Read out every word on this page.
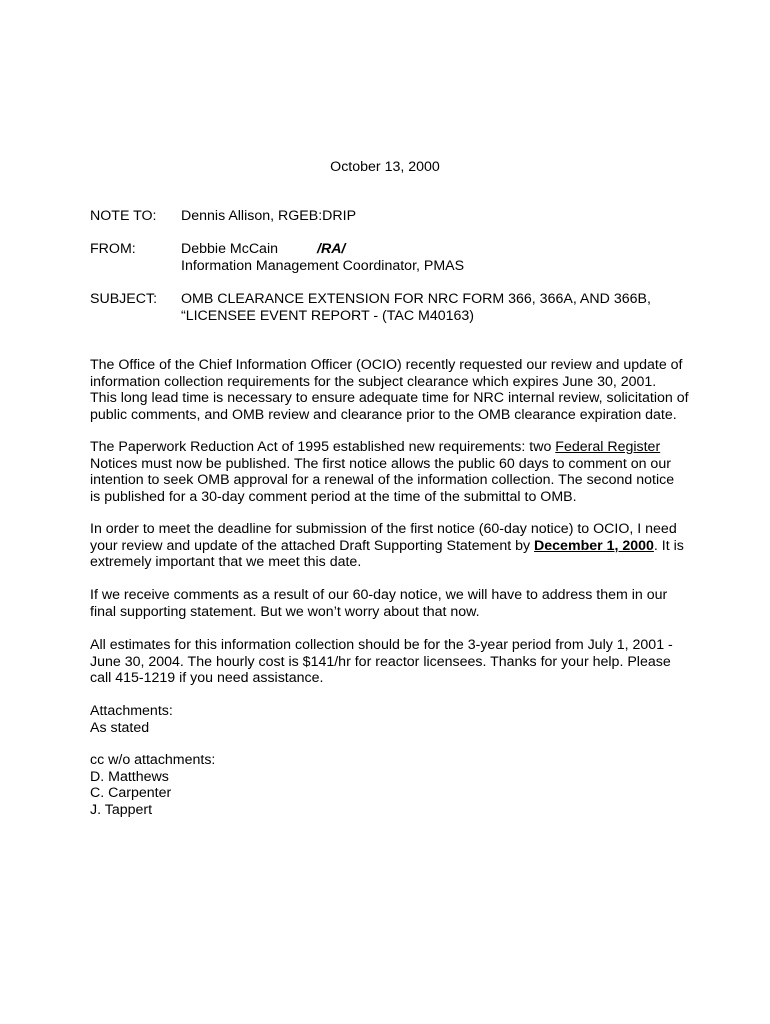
October 13, 2000
NOTE TO: Dennis Allison, RGEB:DRIP
FROM:	Debbie McCain	/RA/
Information Management Coordinator, PMAS
SUBJECT: OMB CLEARANCE EXTENSION FOR NRC FORM 366, 366A, AND 366B,
“LICENSEE EVENT REPORT - (TAC M40163)
The Office of the Chief Information Officer (OCIO) recently requested our review and update of
information collection requirements for the subject clearance which expires June 30, 2001.
This long lead time is necessary to ensure adequate time for NRC internal review, solicitation of
public comments, and OMB review and clearance prior to the OMB clearance expiration date.
The Paperwork Reduction Act of 1995 established new requirements: two Federal Register
Notices must now be published. The first notice allows the public 60 days to comment on our
intention to seek OMB approval for a renewal of the information collection. The second notice
is published for a 30-day comment period at the time of the submittal to OMB.
In order to meet the deadline for submission of the first notice (60-day notice) to OCIO, I need
your review and update of the attached Draft Supporting Statement by December 1, 2000. It is
extremely important that we meet this date.
If we receive comments as a result of our 60-day notice, we will have to address them in our
final supporting statement. But we won’t worry about that now.
All estimates for this information collection should be for the 3-year period from July 1, 2001 -
June 30, 2004. The hourly cost is $141/hr for reactor licensees. Thanks for your help. Please
call 415-1219 if you need assistance.
Attachments:
As stated
cc w/o attachments:
D. Matthews
C. Carpenter
J. Tappert
